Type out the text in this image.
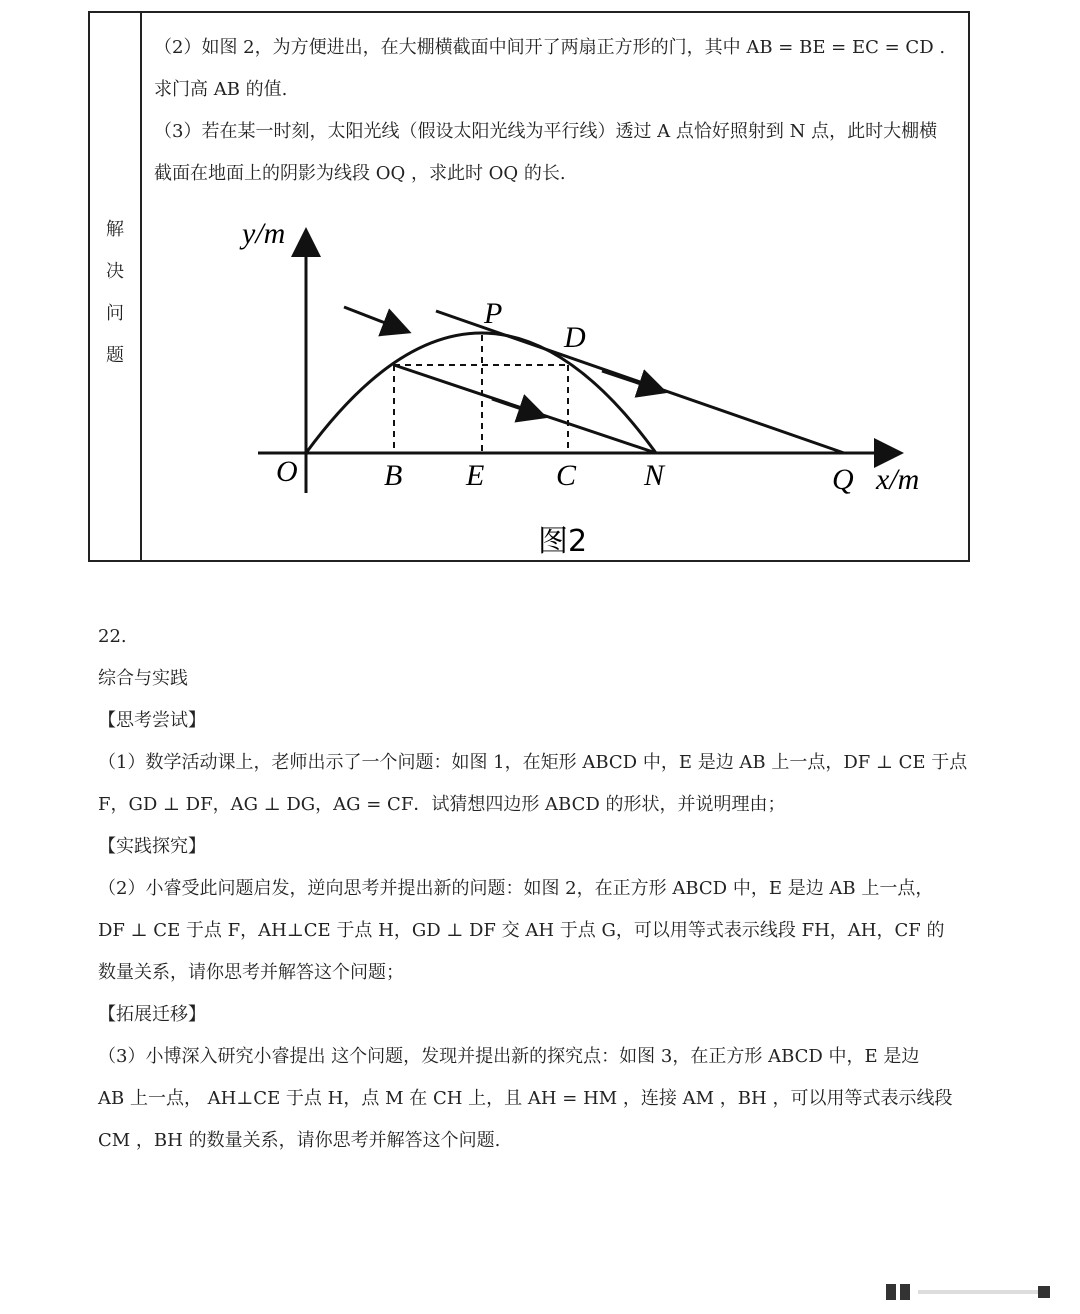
解
决
问
题

（2）如图 2，为方便进出，在大棚横截面中间开了两扇正方形的门，其中 AB = BE = EC = CD .

求门高 AB 的值.

（3）若在某一时刻，太阳光线（假设太阳光线为平行线）透过 A 点恰好照射到 N 点，此时大棚横

截面在地面上的阴影为线段 OQ ，求此时 OQ 的长.

y/m
x/m
O	B E C N	Q
P
D
图2

22.

综合与实践

【思考尝试】

（1）数学活动课上，老师出示了一个问题：如图 1，在矩形 ABCD 中，E 是边 AB 上一点，DF ⊥ CE 于点

F，GD ⊥ DF，AG ⊥ DG，AG = CF．试猜想四边形 ABCD 的形状，并说明理由；

【实践探究】

（2）小睿受此问题启发，逆向思考并提出新的问题：如图 2，在正方形 ABCD 中，E 是边 AB 上一点，

DF ⊥ CE 于点 F，AH⊥CE 于点 H，GD ⊥ DF 交 AH 于点 G，可以用等式表示线段 FH，AH，CF 的

数量关系，请你思考并解答这个问题；

【拓展迁移】

（3）小博深入研究小睿提出 这个问题，发现并提出新的探究点：如图 3，在正方形 ABCD 中，E 是边

AB 上一点， AH⊥CE 于点 H，点 M 在 CH 上，且 AH = HM ，连接 AM ，BH ，可以用等式表示线段

CM ，BH 的数量关系，请你思考并解答这个问题.
